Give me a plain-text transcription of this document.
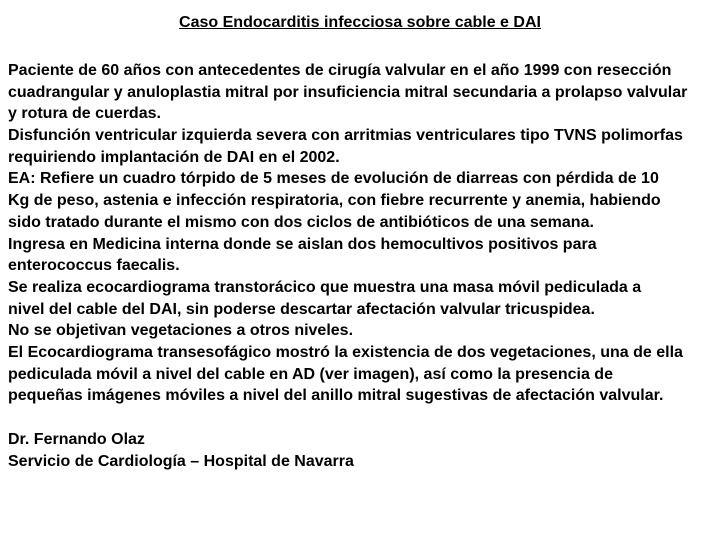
Caso Endocarditis infecciosa sobre cable e DAI
Paciente de 60 años con antecedentes de cirugía valvular en el año 1999 con resección
cuadrangular y anuloplastia mitral por insuficiencia mitral secundaria a prolapso valvular
y rotura de cuerdas.
Disfunción ventricular izquierda severa con arritmias ventriculares tipo TVNS polimorfas
requiriendo implantación de DAI en el 2002.
EA: Refiere un cuadro tórpido de 5 meses de evolución de diarreas con pérdida de 10
Kg de peso, astenia e infección respiratoria, con fiebre recurrente y anemia, habiendo
sido tratado durante el mismo con dos ciclos de antibióticos de una semana.
Ingresa en Medicina interna donde se aislan dos hemocultivos positivos para
enterococcus faecalis.
Se realiza ecocardiograma transtorácico que muestra una masa móvil pediculada a
nivel del cable del DAI, sin poderse descartar afectación valvular tricuspidea.
No se objetivan vegetaciones a otros niveles.
El Ecocardiograma transesofágico mostró la existencia de dos vegetaciones, una de ella
pediculada móvil a nivel del cable en AD (ver imagen), así como la presencia de
pequeñas imágenes móviles a nivel del anillo mitral sugestivas de afectación valvular.
Dr. Fernando Olaz
Servicio de Cardiología – Hospital de Navarra
